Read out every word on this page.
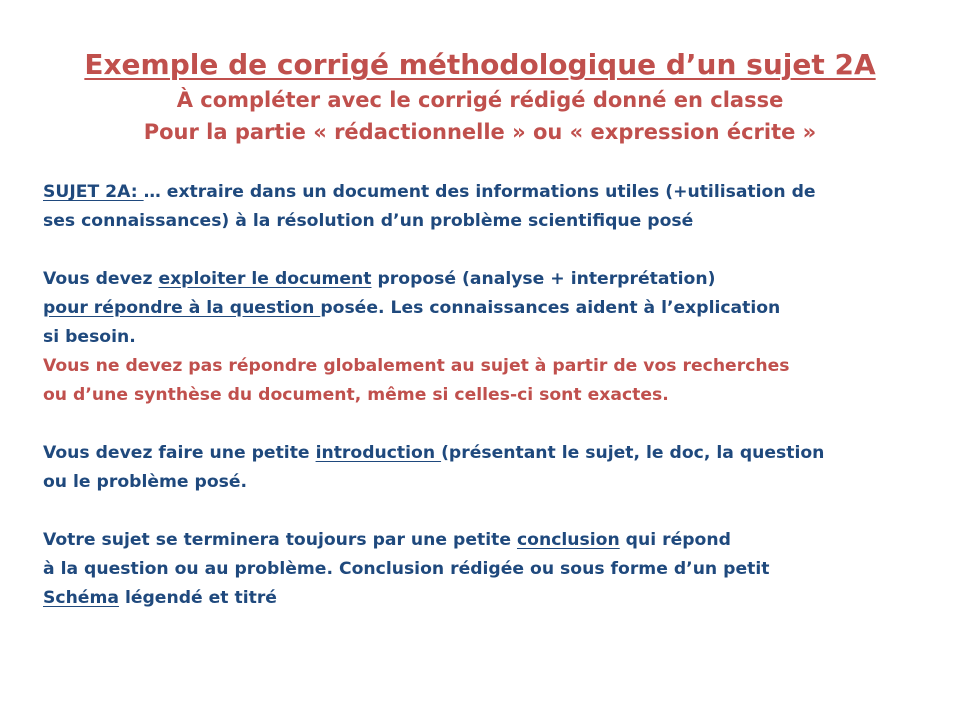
Exemple de corrigé méthodologique d’un sujet 2A
À compléter avec le corrigé rédigé donné en classe
Pour la partie « rédactionnelle » ou « expression écrite »
SUJET 2A: … extraire dans un document des informations utiles (+utilisation de
ses connaissances) à la résolution d’un problème scientifique posé
Vous devez exploiter le document proposé (analyse + interprétation)
pour répondre à la question posée. Les connaissances aident à l’explication
si besoin.
Vous ne devez pas répondre globalement au sujet à partir de vos recherches
ou d’une synthèse du document, même si celles-ci sont exactes.
Vous devez faire une petite introduction (présentant le sujet, le doc, la question
ou le problème posé.
Votre sujet se terminera toujours par une petite conclusion qui répond
à la question ou au problème. Conclusion rédigée ou sous forme d’un petit
Schéma légendé et titré
